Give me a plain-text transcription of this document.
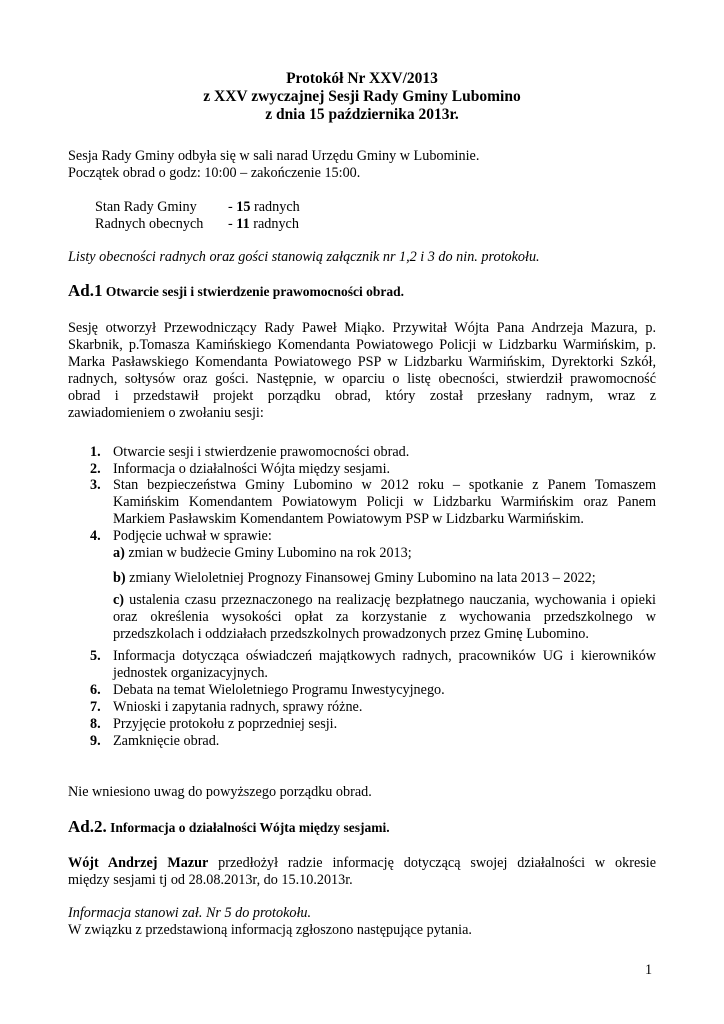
Protokół Nr XXV/2013
z XXV zwyczajnej Sesji Rady Gminy Lubomino
z dnia 15 października 2013r.
Sesja Rady Gminy odbyła się w sali narad Urzędu Gminy w Lubominie.
Początek obrad o godz: 10:00 – zakończenie 15:00.
Stan Rady Gminy - 15 radnych
Radnych obecnych - 11 radnych
Listy obecności radnych oraz gości stanowią załącznik nr 1,2 i 3 do nin. protokołu.
Ad.1 Otwarcie sesji i stwierdzenie prawomocności obrad.
Sesję otworzył Przewodniczący Rady Paweł Miąko. Przywitał Wójta Pana Andrzeja Mazura, p.
Skarbnik, p.Tomasza Kamińskiego Komendanta Powiatowego Policji w Lidzbarku Warmińskim, p.
Marka Pasławskiego Komendanta Powiatowego PSP w Lidzbarku Warmińskim, Dyrektorki Szkół,
radnych, sołtysów oraz gości. Następnie, w oparciu o listę obecności, stwierdził prawomocność
obrad i przedstawił projekt porządku obrad, który został przesłany radnym, wraz z
zawiadomieniem o zwołaniu sesji:
1. Otwarcie sesji i stwierdzenie prawomocności obrad.
2. Informacja o działalności Wójta między sesjami.
3. Stan bezpieczeństwa Gminy Lubomino w 2012 roku – spotkanie z Panem Tomaszem
Kamińskim Komendantem Powiatowym Policji w Lidzbarku Warmińskim oraz Panem
Markiem Pasławskim Komendantem Powiatowym PSP w Lidzbarku Warmińskim.
4. Podjęcie uchwał w sprawie:
a) zmian w budżecie Gminy Lubomino na rok 2013;
b) zmiany Wieloletniej Prognozy Finansowej Gminy Lubomino na lata 2013 – 2022;
c) ustalenia czasu przeznaczonego na realizację bezpłatnego nauczania, wychowania i opieki
oraz określenia wysokości opłat za korzystanie z wychowania przedszkolnego w
przedszkolach i oddziałach przedszkolnych prowadzonych przez Gminę Lubomino.
5. Informacja dotycząca oświadczeń majątkowych radnych, pracowników UG i kierowników
jednostek organizacyjnych.
6. Debata na temat Wieloletniego Programu Inwestycyjnego.
7. Wnioski i zapytania radnych, sprawy różne.
8. Przyjęcie protokołu z poprzedniej sesji.
9. Zamknięcie obrad.
Nie wniesiono uwag do powyższego porządku obrad.
Ad.2. Informacja o działalności Wójta między sesjami.
Wójt Andrzej Mazur przedłożył radzie informację dotyczącą swojej działalności w okresie
między sesjami tj od 28.08.2013r, do 15.10.2013r.
Informacja stanowi zał. Nr 5 do protokołu.
W związku z przedstawioną informacją zgłoszono następujące pytania.
1
